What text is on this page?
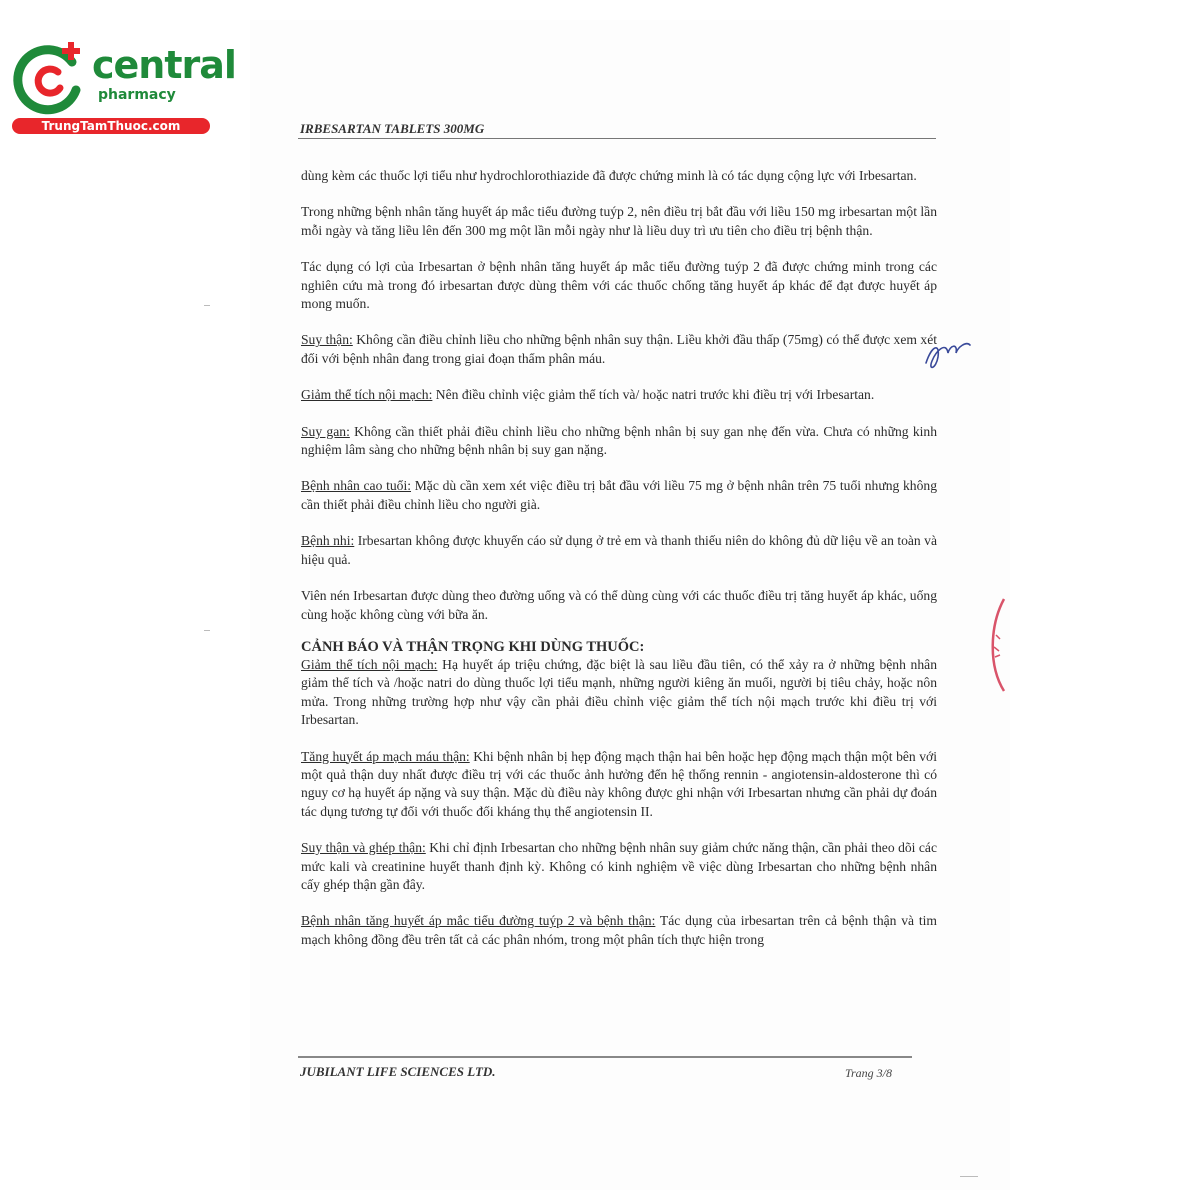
central
pharmacy
TrungTamThuoc.com	IRBESARTAN TABLETS 300MG

dùng kèm các thuốc lợi tiểu như hydrochlorothiazide đã được chứng minh là có tác dụng cộng lực với Irbesartan.

Trong những bệnh nhân tăng huyết áp mắc tiểu đường tuýp 2, nên điều trị bắt đầu với liều 150 mg irbesartan một lần mỗi ngày và tăng liều lên đến 300 mg một lần mỗi ngày như là liều duy trì ưu tiên cho điều trị bệnh thận.

Tác dụng có lợi của Irbesartan ở bệnh nhân tăng huyết áp mắc tiểu đường tuýp 2 đã được chứng minh trong các nghiên cứu mà trong đó irbesartan được dùng thêm với các thuốc chống tăng huyết áp khác để đạt được huyết áp mong muốn.

Suy thận: Không cần điều chỉnh liều cho những bệnh nhân suy thận. Liều khởi đầu thấp (75mg) có thể được xem xét đối với bệnh nhân đang trong giai đoạn thẩm phân máu.

Giảm thể tích nội mạch: Nên điều chỉnh việc giảm thể tích và/ hoặc natri trước khi điều trị với Irbesartan.

Suy gan: Không cần thiết phải điều chỉnh liều cho những bệnh nhân bị suy gan nhẹ đến vừa. Chưa có những kinh nghiệm lâm sàng cho những bệnh nhân bị suy gan nặng.

Bệnh nhân cao tuổi: Mặc dù cần xem xét việc điều trị bắt đầu với liều 75 mg ở bệnh nhân trên 75 tuổi nhưng không cần thiết phải điều chỉnh liều cho người già.

Bệnh nhi: Irbesartan không được khuyến cáo sử dụng ở trẻ em và thanh thiếu niên do không đủ dữ liệu về an toàn và hiệu quả.

Viên nén Irbesartan được dùng theo đường uống và có thể dùng cùng với các thuốc điều trị tăng huyết áp khác, uống cùng hoặc không cùng với bữa ăn.

CẢNH BÁO VÀ THẬN TRỌNG KHI DÙNG THUỐC:

Giảm thể tích nội mạch: Hạ huyết áp triệu chứng, đặc biệt là sau liều đầu tiên, có thể xảy ra ở những bệnh nhân giảm thể tích và /hoặc natri do dùng thuốc lợi tiểu mạnh, những người kiêng ăn muối, người bị tiêu chảy, hoặc nôn mửa. Trong những trường hợp như vậy cần phải điều chỉnh việc giảm thể tích nội mạch trước khi điều trị với Irbesartan.

Tăng huyết áp mạch máu thận: Khi bệnh nhân bị hẹp động mạch thận hai bên hoặc hẹp động mạch thận một bên với một quả thận duy nhất được điều trị với các thuốc ảnh hưởng đến hệ thống rennin - angiotensin-aldosterone thì có nguy cơ hạ huyết áp nặng và suy thận. Mặc dù điều này không được ghi nhận với Irbesartan nhưng cần phải dự đoán tác dụng tương tự đối với thuốc đối kháng thụ thể angiotensin II.

Suy thận và ghép thận: Khi chỉ định Irbesartan cho những bệnh nhân suy giảm chức năng thận, cần phải theo dõi các mức kali và creatinine huyết thanh định kỳ. Không có kinh nghiệm về việc dùng Irbesartan cho những bệnh nhân cấy ghép thận gần đây.

Bệnh nhân tăng huyết áp mắc tiểu đường tuýp 2 và bệnh thận: Tác dụng của irbesartan trên cả bệnh thận và tim mạch không đồng đều trên tất cả các phân nhóm, trong một phân tích thực hiện trong

JUBILANT LIFE SCIENCES LTD.	Trang 3/8
